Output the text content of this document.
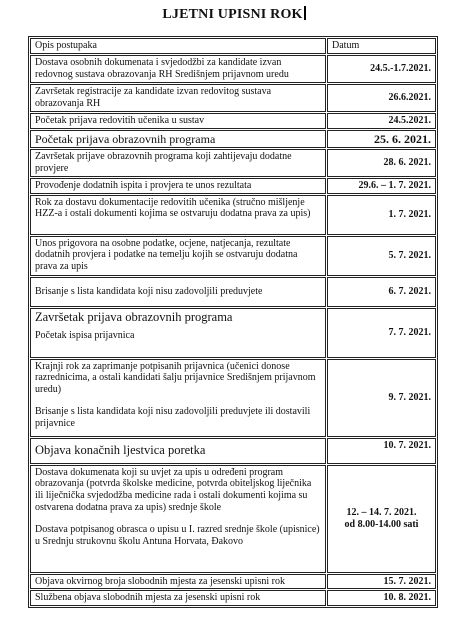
LJETNI UPISNI ROK
Opis postupaka	Datum
Dostava osobnih dokumenata i svjedodžbi za kandidate izvan redovnog sustava obrazovanja RH Središnjem prijavnom uredu	24.5.-1.7.2021.
Završetak registracije za kandidate izvan redovitog sustava obrazovanja RH	26.6.2021.
Početak prijava redovitih učenika u sustav	24.5.2021.
Početak prijava obrazovnih programa	25. 6. 2021.
Završetak prijave obrazovnih programa koji zahtijevaju dodatne provjere	28. 6. 2021.
Provođenje dodatnih ispita i provjera te unos rezultata	29.6. – 1. 7. 2021.
Rok za dostavu dokumentacije redovitih učenika (stručno mišljenje HZZ-a i ostali dokumenti kojima se ostvaruju dodatna prava za upis)	1. 7. 2021.
Unos prigovora na osobne podatke, ocjene, natjecanja, rezultate dodatnih provjera i podatke na temelju kojih se ostvaruju dodatna prava za upis	5. 7. 2021.
Brisanje s lista kandidata koji nisu zadovoljili preduvjete	6. 7. 2021.

Završetak prijava obrazovnih programa
Početak ispisa prijavnica	7. 7. 2021.

Krajnji rok za zaprimanje potpisanih prijavnica (učenici donose razrednicima, a ostali kandidati šalju prijavnice Središnjem prijavnom uredu)
Brisanje s lista kandidata koji nisu zadovoljili preduvjete ili dostavili prijavnice	9. 7. 2021.
Objava konačnih ljestvica poretka	10. 7. 2021.

Dostava dokumenata koji su uvjet za upis u određeni program obrazovanja (potvrda školske medicine, potvrda obiteljskog liječnika ili liječnička svjedodžba medicine rada i ostali dokumenti kojima su ostvarena dodatna prava za upis) srednje škole
Dostava potpisanog obrasca o upisu u I. razred srednje škole (upisnice) u Srednju strukovnu školu Antuna Horvata, Đakovo	12. – 14. 7. 2021.
od 8.00-14.00 sati

Objava okvirnog broja slobodnih mjesta za jesenski upisni rok	15. 7. 2021.
Službena objava slobodnih mjesta za jesenski upisni rok	10. 8. 2021.
